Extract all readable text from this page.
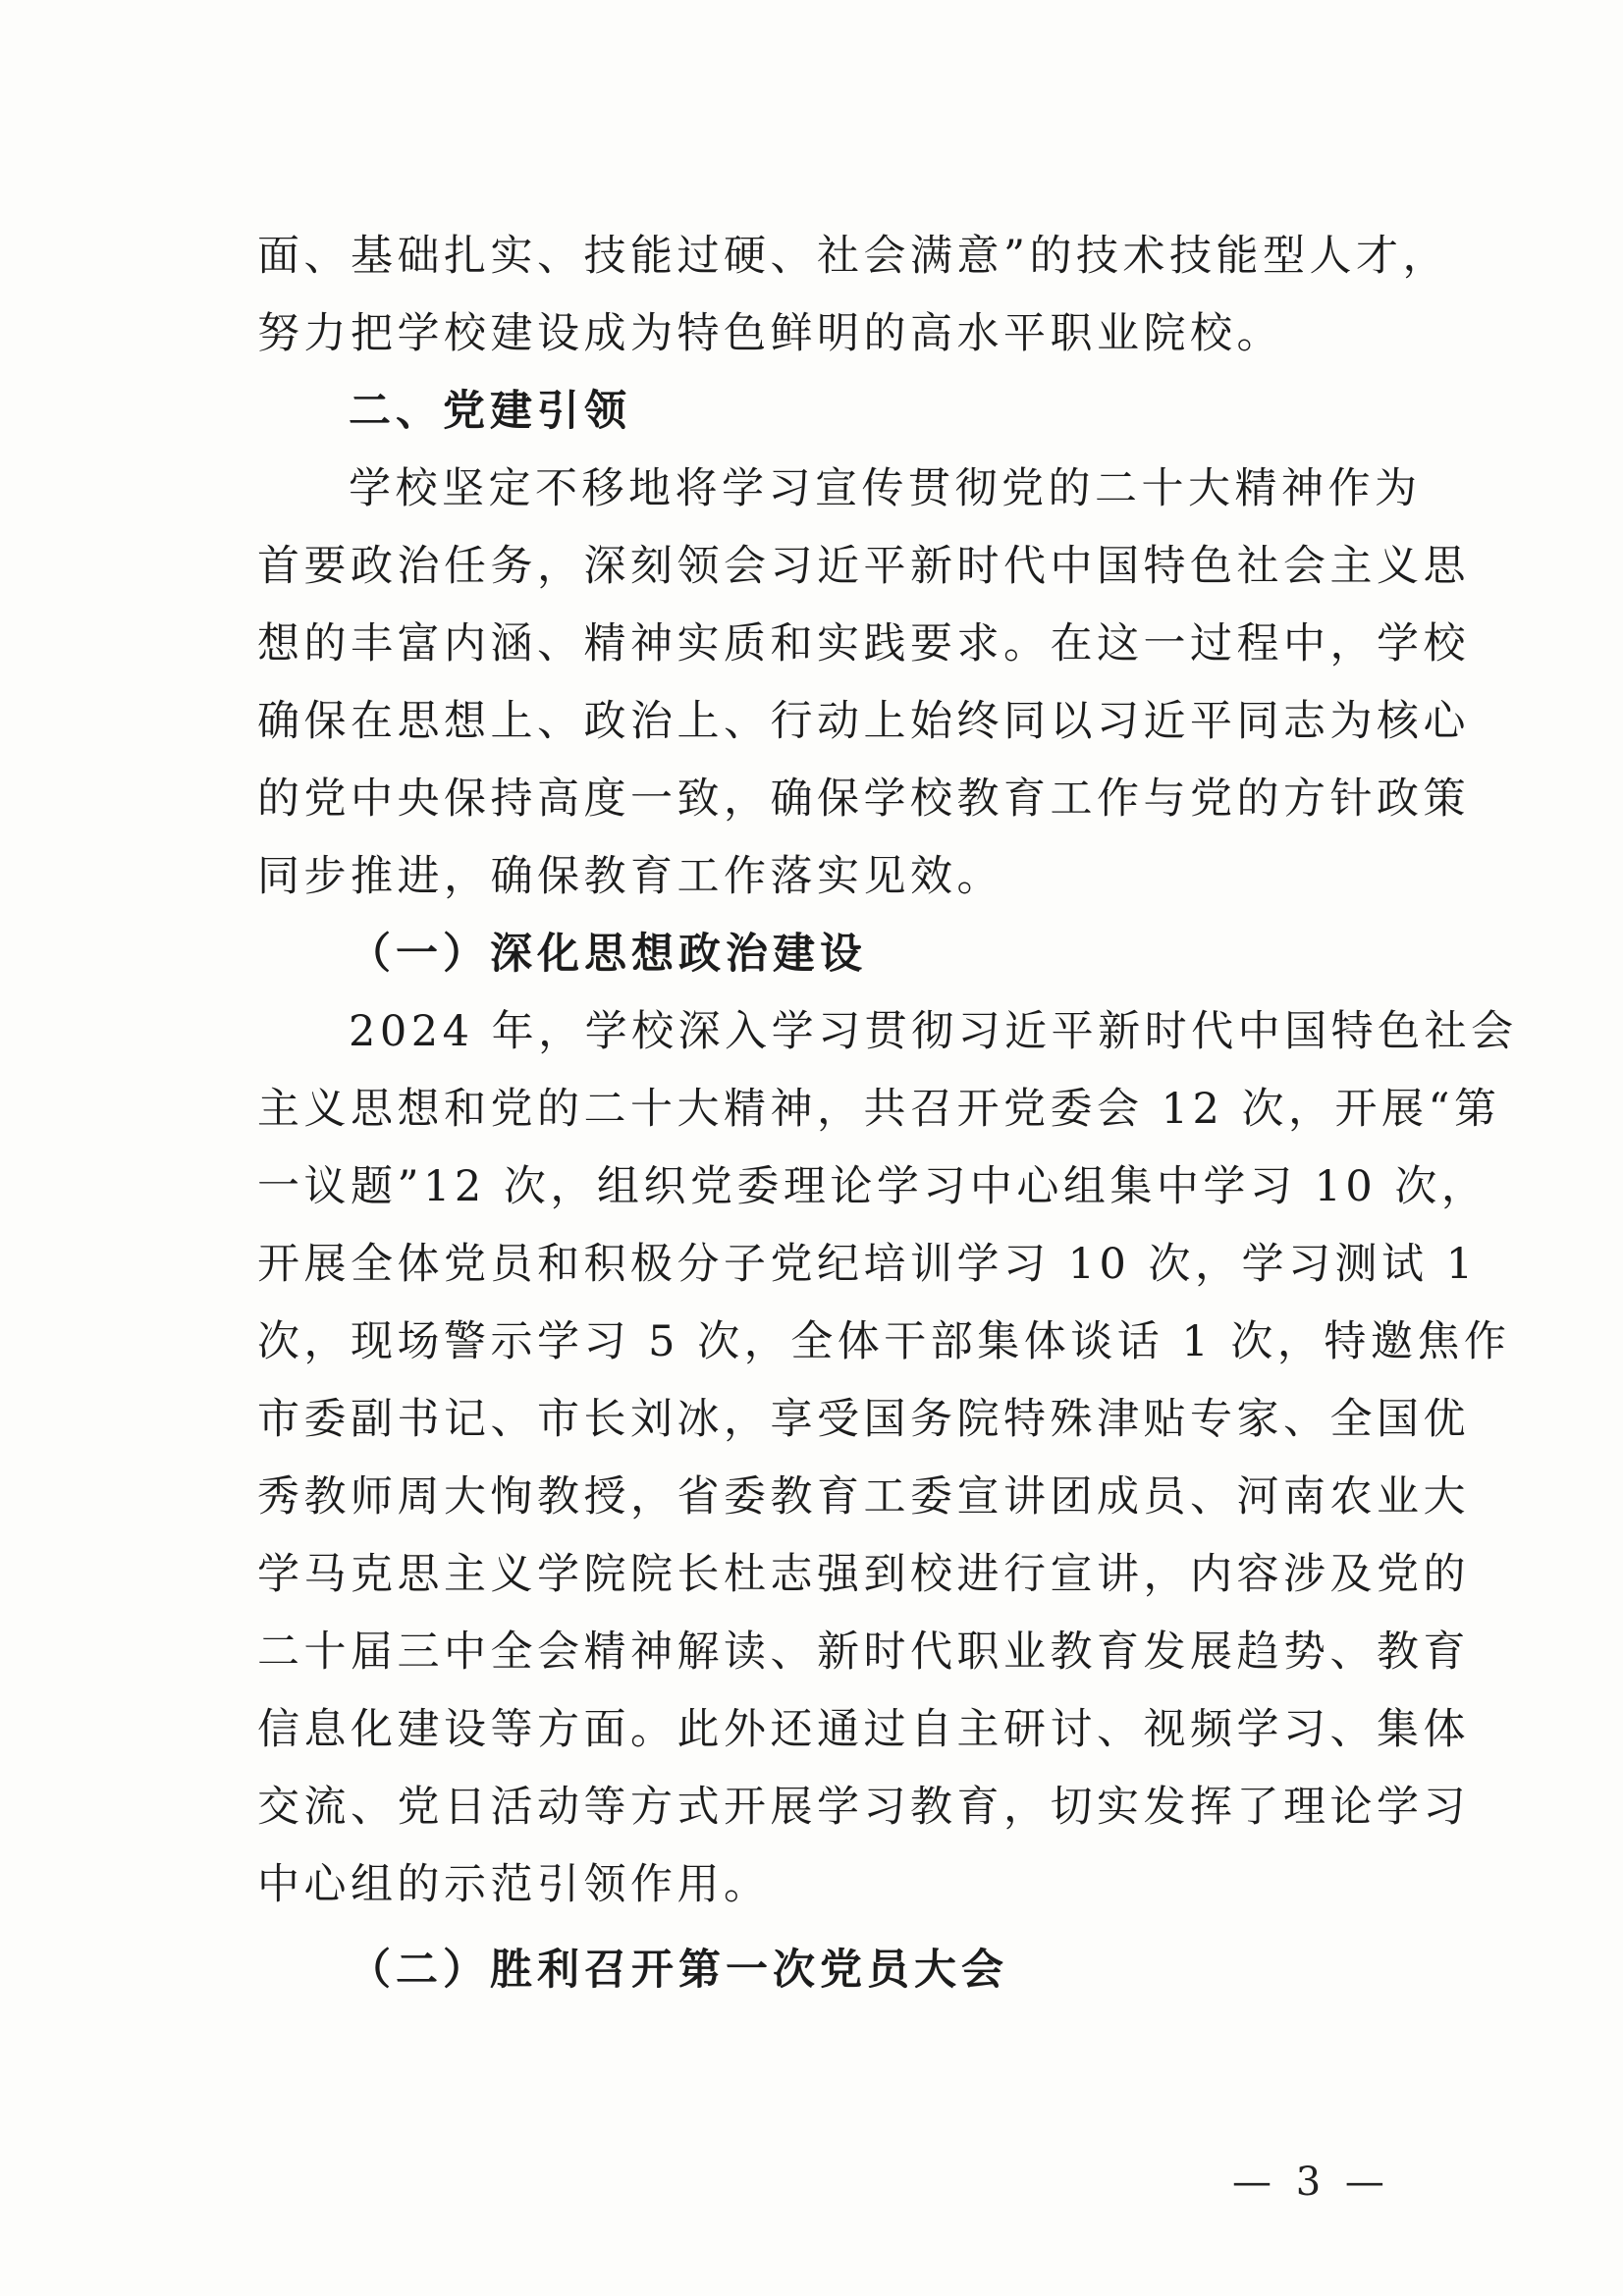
面、基础扎实、技能过硬、社会满意”的技术技能型人才，
努力把学校建设成为特色鲜明的高水平职业院校。
二、党建引领
学校坚定不移地将学习宣传贯彻党的二十大精神作为
首要政治任务，深刻领会习近平新时代中国特色社会主义思
想的丰富内涵、精神实质和实践要求。在这一过程中，学校
确保在思想上、政治上、行动上始终同以习近平同志为核心
的党中央保持高度一致，确保学校教育工作与党的方针政策
同步推进，确保教育工作落实见效。
（一）深化思想政治建设
2024 年，学校深入学习贯彻习近平新时代中国特色社会
主义思想和党的二十大精神，共召开党委会 12 次，开展“第
一议题”12 次，组织党委理论学习中心组集中学习 10 次，
开展全体党员和积极分子党纪培训学习 10 次，学习测试 1
次，现场警示学习 5 次，全体干部集体谈话 1 次，特邀焦作
市委副书记、市长刘冰，享受国务院特殊津贴专家、全国优
秀教师周大恂教授，省委教育工委宣讲团成员、河南农业大
学马克思主义学院院长杜志强到校进行宣讲，内容涉及党的
二十届三中全会精神解读、新时代职业教育发展趋势、教育
信息化建设等方面。此外还通过自主研讨、视频学习、集体
交流、党日活动等方式开展学习教育，切实发挥了理论学习
中心组的示范引领作用。
（二）胜利召开第一次党员大会
— 3 —
